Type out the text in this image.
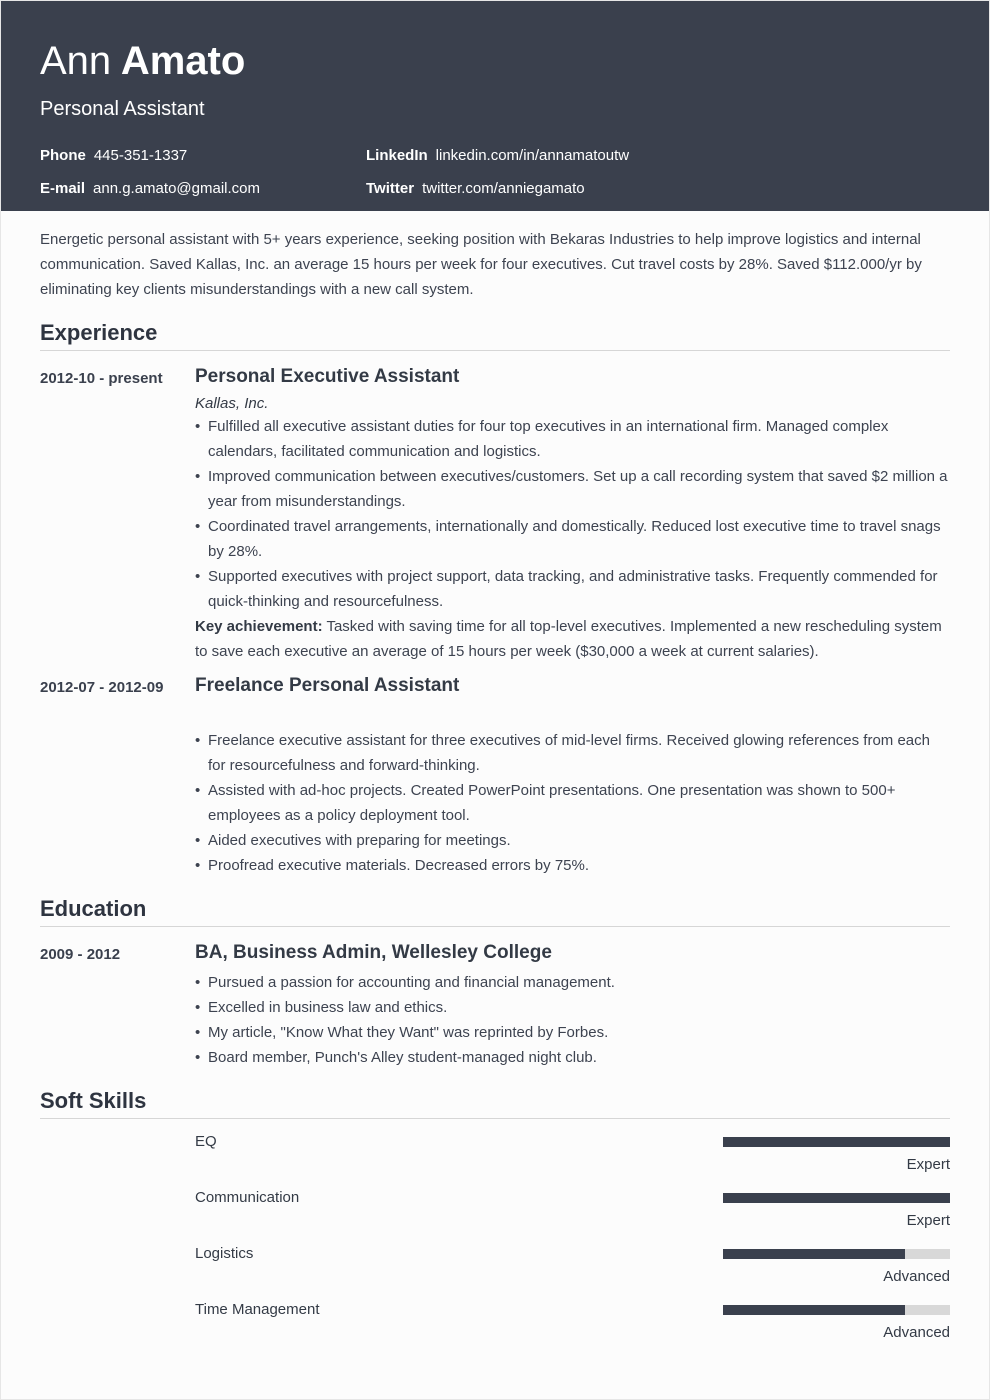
Ann Amato
Personal Assistant
Phone 445-351-1337	LinkedIn linkedin.com/in/annamatoutw
E-mail ann.g.amato@gmail.com	Twitter twitter.com/anniegamato
Energetic personal assistant with 5+ years experience, seeking position with Bekaras Industries to help improve logistics and internal communication. Saved Kallas, Inc. an average 15 hours per week for four executives. Cut travel costs by 28%. Saved $112.000/yr by eliminating key clients misunderstandings with a new call system.
Experience
2012-10 - present Personal Executive Assistant
Kallas, Inc.
• Fulfilled all executive assistant duties for four top executives in an international firm. Managed complex calendars, facilitated communication and logistics.
• Improved communication between executives/customers. Set up a call recording system that saved $2 million a year from misunderstandings.
• Coordinated travel arrangements, internationally and domestically. Reduced lost executive time to travel snags by 28%.
• Supported executives with project support, data tracking, and administrative tasks. Frequently commended for quick-thinking and resourcefulness.
Key achievement: Tasked with saving time for all top-level executives. Implemented a new rescheduling system to save each executive an average of 15 hours per week ($30,000 a week at current salaries).
2012-07 - 2012-09 Freelance Personal Assistant
• Freelance executive assistant for three executives of mid-level firms. Received glowing references from each for resourcefulness and forward-thinking.
• Assisted with ad-hoc projects. Created PowerPoint presentations. One presentation was shown to 500+ employees as a policy deployment tool.
• Aided executives with preparing for meetings.
• Proofread executive materials. Decreased errors by 75%.
Education
2009 - 2012	BA, Business Admin, Wellesley College
• Pursued a passion for accounting and financial management.
• Excelled in business law and ethics.
• My article, "Know What they Want" was reprinted by Forbes.
• Board member, Punch's Alley student-managed night club.
Soft Skills
EQ
Expert
Communication
Expert
Logistics
Advanced
Time Management
Advanced
